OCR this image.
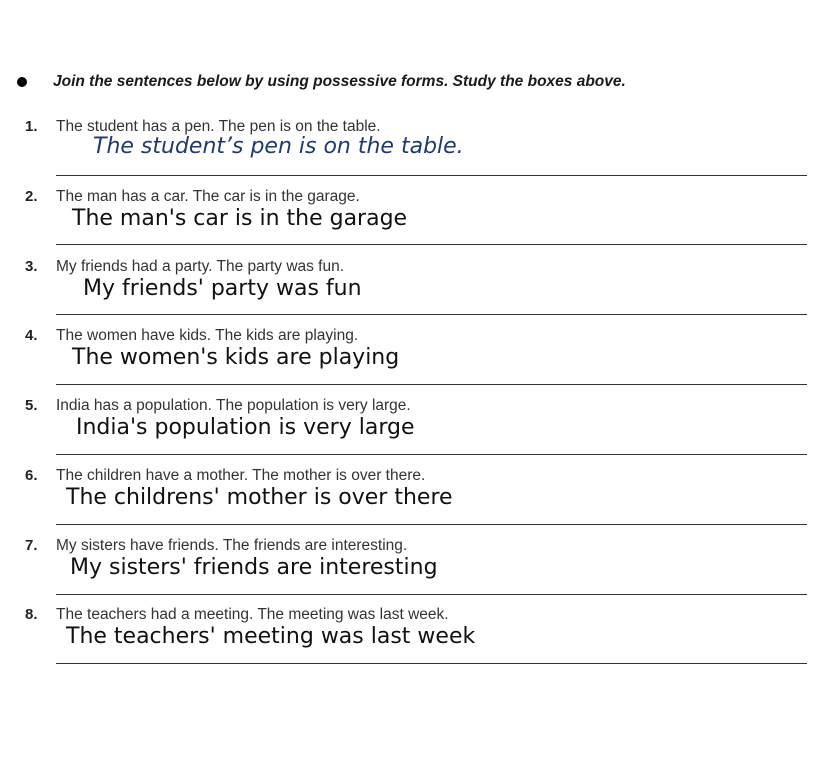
Join the sentences below by using possessive forms. Study the boxes above.
1. The student has a pen. The pen is on the table.
The student’s pen is on the table.
2. The man has a car. The car is in the garage.
The man's car is in the garage
3. My friends had a party. The party was fun.
My friends' party was fun
4. The women have kids. The kids are playing.
The women's kids are playing
5. India has a population. The population is very large.
India's population is very large
6. The children have a mother. The mother is over there.
The childrens' mother is over there
7. My sisters have friends. The friends are interesting.
My sisters' friends are interesting
8. The teachers had a meeting. The meeting was last week.
The teachers' meeting was last week
